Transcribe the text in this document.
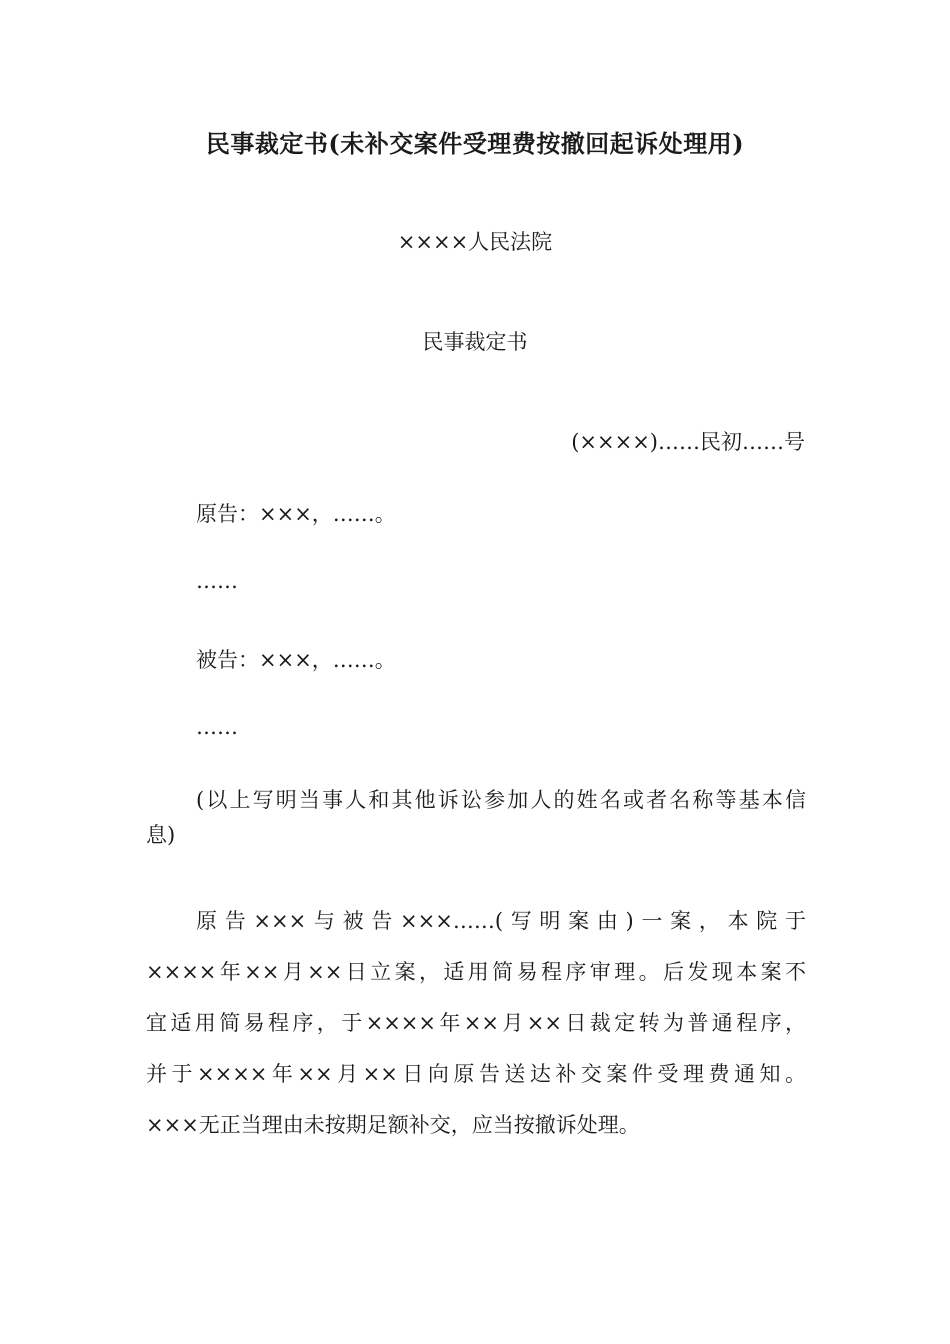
民事裁定书(未补交案件受理费按撤回起诉处理用)
××××人民法院
民事裁定书
(××××)……民初……号
原告：×××，……。
……
被告：×××，……。
……
(以上写明当事人和其他诉讼参加人的姓名或者名称等基本信
息)
原告×××与被告×××……(写明案由)一案，本院于
××××年××月××日立案，适用简易程序审理。后发现本案不
宜适用简易程序，于××××年××月××日裁定转为普通程序，
并于××××年××月××日向原告送达补交案件受理费通知。
×××无正当理由未按期足额补交，应当按撤诉处理。
